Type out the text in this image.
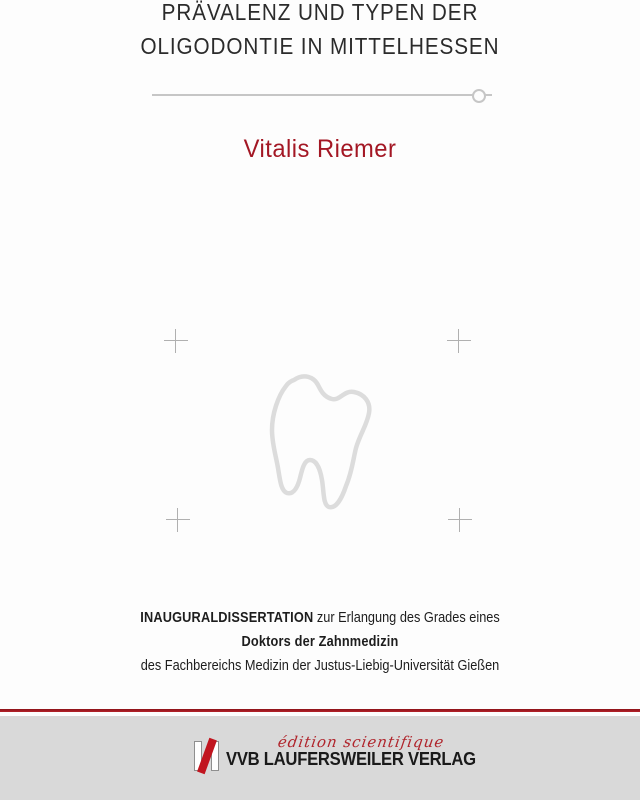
PRÄVALENZ UND TYPEN DER
OLIGODONTIE IN MITTELHESSEN
Vitalis Riemer
INAUGURALDISSERTATION zur Erlangung des Grades eines
Doktors der Zahnmedizin
des Fachbereichs Medizin der Justus-Liebig-Universität Gießen
édition scientifique
VVB LAUFERSWEILER VERLAG
